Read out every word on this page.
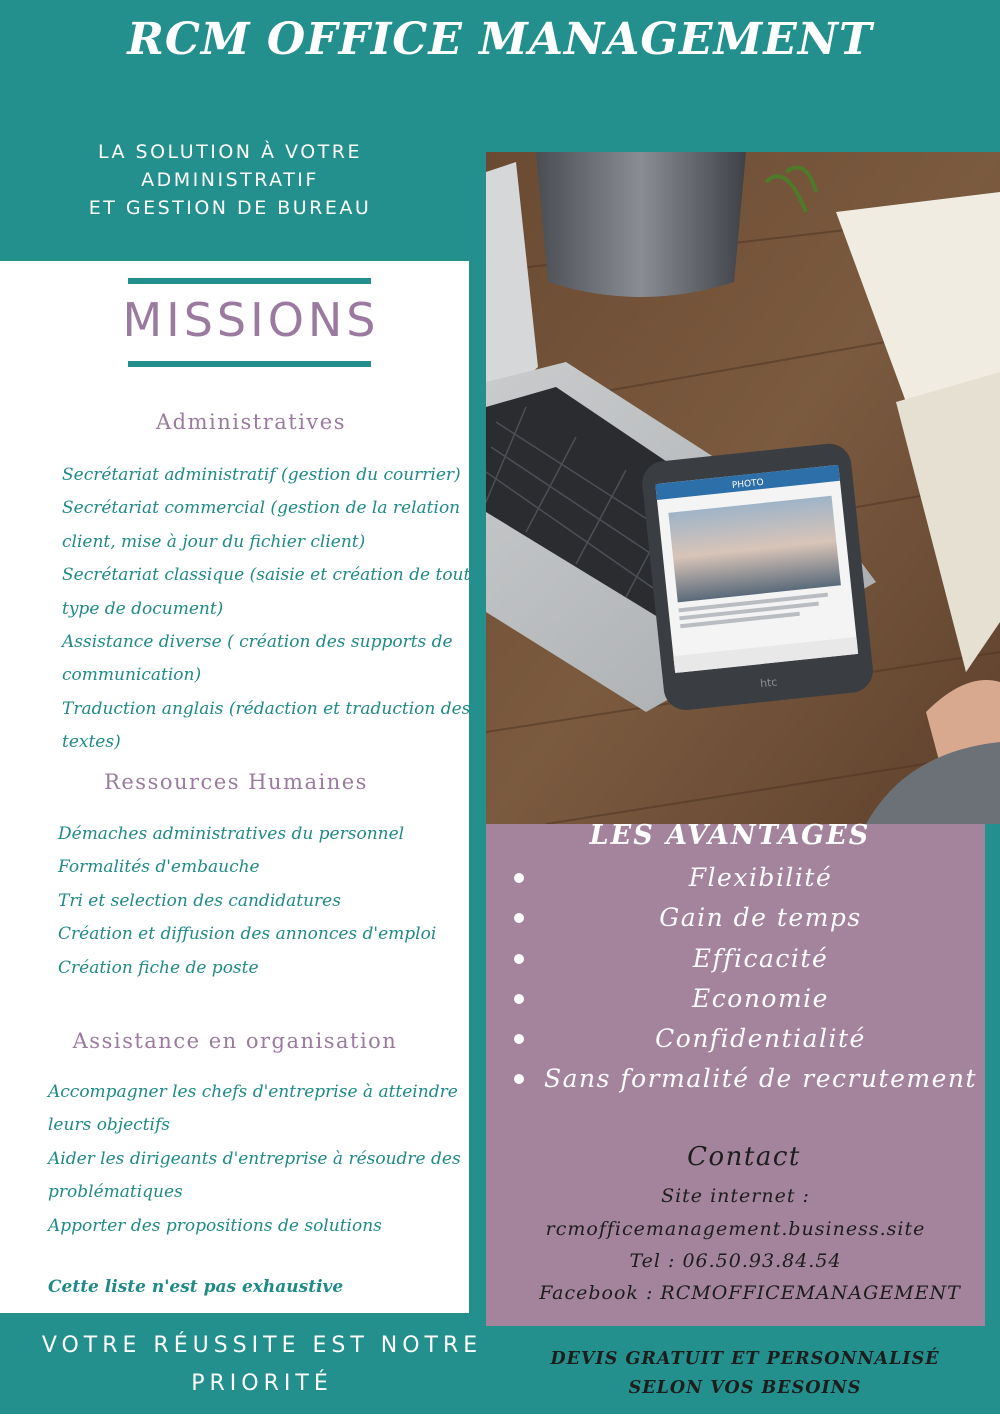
RCM OFFICE MANAGEMENT
LA SOLUTION À VOTRE ADMINISTRATIF
ET GESTION DE BUREAU
MISSIONS
Administratives
Secrétariat administratif (gestion du courrier)
Secrétariat commercial (gestion de la relation
client, mise à jour du fichier client)
Secrétariat classique (saisie et création de tout
type de document)
Assistance diverse ( création des supports de
communication)
Traduction anglais (rédaction et traduction des
textes)
Ressources Humaines
Démaches administratives du personnel
Formalités d'embauche
Tri et selection des candidatures
Création et diffusion des annonces d'emploi
Création fiche de poste
Assistance en organisation
Accompagner les chefs d'entreprise à atteindre
leurs objectifs
Aider les dirigeants d'entreprise à résoudre des
problématiques
Apporter des propositions de solutions
Cette liste n'est pas exhaustive
PHOTO
htc
LES AVANTAGES
Flexibilité
Gain de temps
Efficacité
Economie
Confidentialité
Sans formalité de recrutement
Contact
Site internet :
rcmofficemanagement.business.site
Tel : 06.50.93.84.54
Facebook : RCMOFFICEMANAGEMENT
VOTRE RÉUSSITE EST NOTRE
PRIORITÉ
DEVIS GRATUIT ET PERSONNALISÉ
SELON VOS BESOINS
